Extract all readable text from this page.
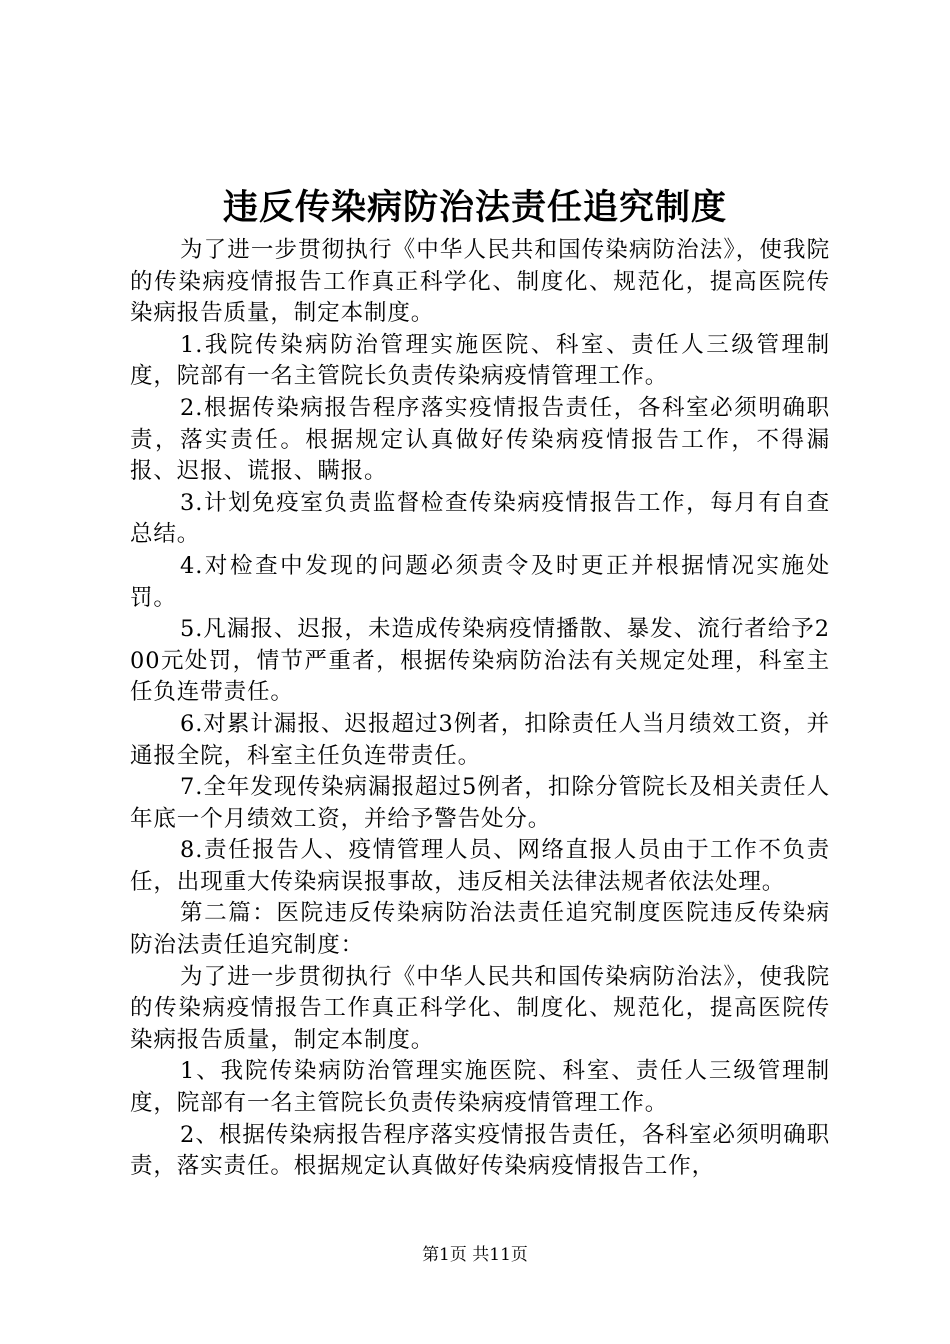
违反传染病防治法责任追究制度

为了进一步贯彻执行《中华人民共和国传染病防治法》，使我院的传染病疫情报告工作真正科学化、制度化、规范化，提高医院传染病报告质量，制定本制度。

1.我院传染病防治管理实施医院、科室、责任人三级管理制度，院部有一名主管院长负责传染病疫情管理工作。

2.根据传染病报告程序落实疫情报告责任，各科室必须明确职责，落实责任。根据规定认真做好传染病疫情报告工作，不得漏报、迟报、谎报、瞒报。

3.计划免疫室负责监督检查传染病疫情报告工作，每月有自查总结。

4.对检查中发现的问题必须责令及时更正并根据情况实施处罚。

5.凡漏报、迟报，未造成传染病疫情播散、暴发、流行者给予200元处罚，情节严重者，根据传染病防治法有关规定处理，科室主任负连带责任。

6.对累计漏报、迟报超过3例者，扣除责任人当月绩效工资，并通报全院，科室主任负连带责任。

7.全年发现传染病漏报超过5例者，扣除分管院长及相关责任人年底一个月绩效工资，并给予警告处分。

8.责任报告人、疫情管理人员、网络直报人员由于工作不负责任，出现重大传染病误报事故，违反相关法律法规者依法处理。

第二篇：医院违反传染病防治法责任追究制度医院违反传染病防治法责任追究制度：

为了进一步贯彻执行《中华人民共和国传染病防治法》，使我院的传染病疫情报告工作真正科学化、制度化、规范化，提高医院传染病报告质量，制定本制度。

1、我院传染病防治管理实施医院、科室、责任人三级管理制度，院部有一名主管院长负责传染病疫情管理工作。

2、根据传染病报告程序落实疫情报告责任，各科室必须明确职责，落实责任。根据规定认真做好传染病疫情报告工作，

第1页 共11页
